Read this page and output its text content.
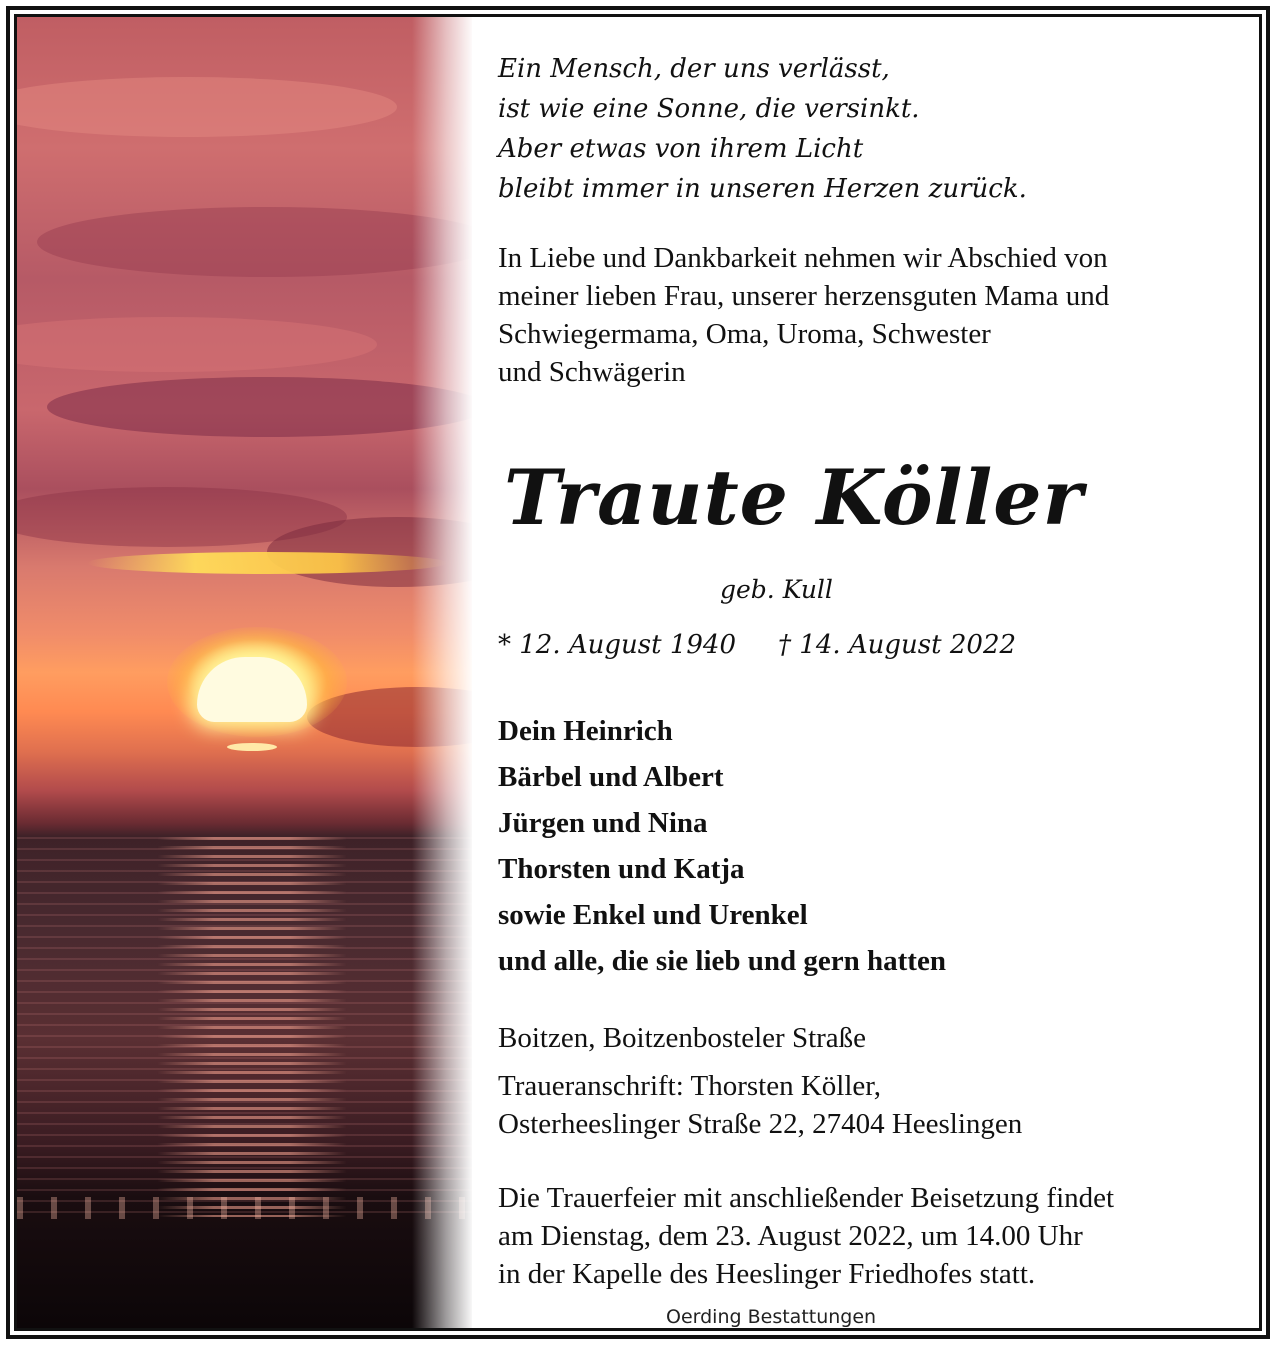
Ein Mensch, der uns verlässt,
ist wie eine Sonne, die versinkt.
Aber etwas von ihrem Licht
bleibt immer in unseren Herzen zurück.

In Liebe und Dankbarkeit nehmen wir Abschied von
meiner lieben Frau, unserer herzensguten Mama und
Schwiegermama, Oma, Uroma, Schwester
und Schwägerin

Traute Köller

geb. Kull

* 12. August 1940 † 14. August 2022

Dein Heinrich
Bärbel und Albert
Jürgen und Nina
Thorsten und Katja
sowie Enkel und Urenkel
und alle, die sie lieb und gern hatten
Boitzen, Boitzenbosteler Straße
Traueranschrift: Thorsten Köller,
Osterheeslinger Straße 22, 27404 Heeslingen

Die Trauerfeier mit anschließender Beisetzung findet
am Dienstag, dem 23. August 2022, um 14.00 Uhr
in der Kapelle des Heeslinger Friedhofes statt.

Oerding Bestattungen
